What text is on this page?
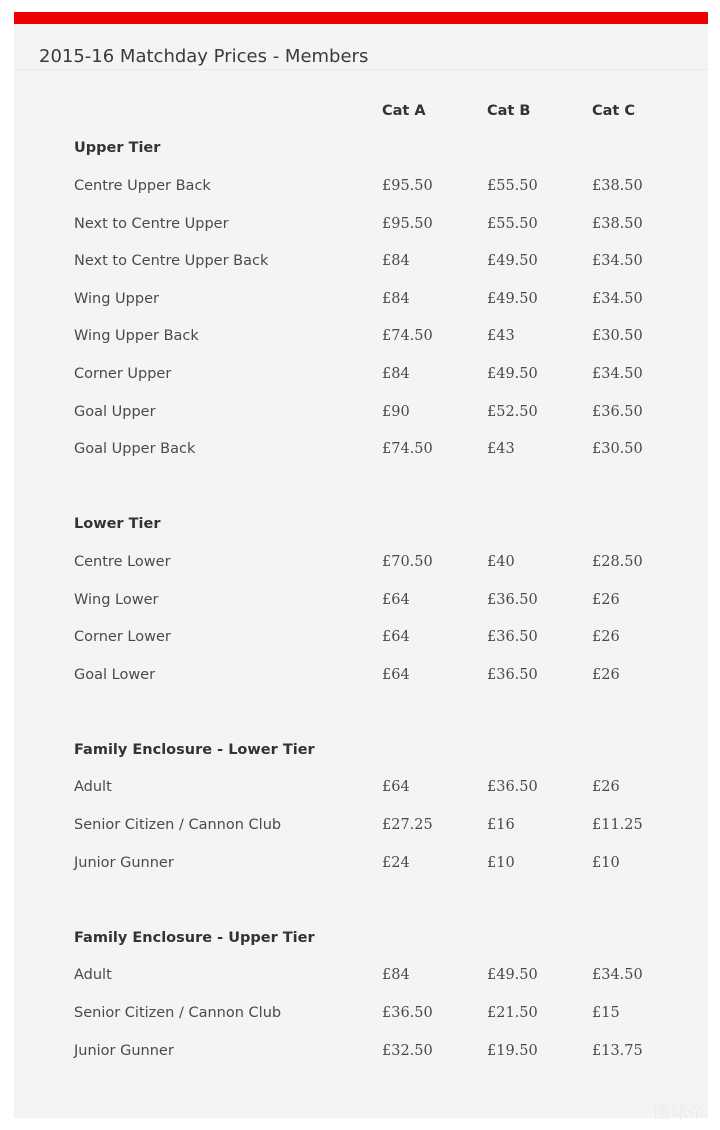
2015-16 Matchday Prices - Members
Cat A	Cat B	Cat C
Upper Tier
Centre Upper Back	£95.50	£55.50	£38.50
Next to Centre Upper	£95.50	£55.50	£38.50
Next to Centre Upper Back	£84	£49.50	£34.50
Wing Upper	£84	£49.50	£34.50
Wing Upper Back	£74.50	£43	£30.50
Corner Upper	£84	£49.50	£34.50
Goal Upper	£90	£52.50	£36.50
Goal Upper Back	£74.50	£43	£30.50
Lower Tier
Centre Lower	£70.50	£40	£28.50
Wing Lower	£64	£36.50	£26
Corner Lower	£64	£36.50	£26
Goal Lower	£64	£36.50	£26
Family Enclosure - Lower Tier
Adult	£64	£36.50	£26
Senior Citizen / Cannon Club	£27.25	£16	£11.25
Junior Gunner	£24	£10	£10
Family Enclosure - Upper Tier
Adult	£84	£49.50	£34.50
Senior Citizen / Cannon Club	£36.50	£21.50	£15
Junior Gunner	£32.50	£19.50	£13.75
懂球帝
